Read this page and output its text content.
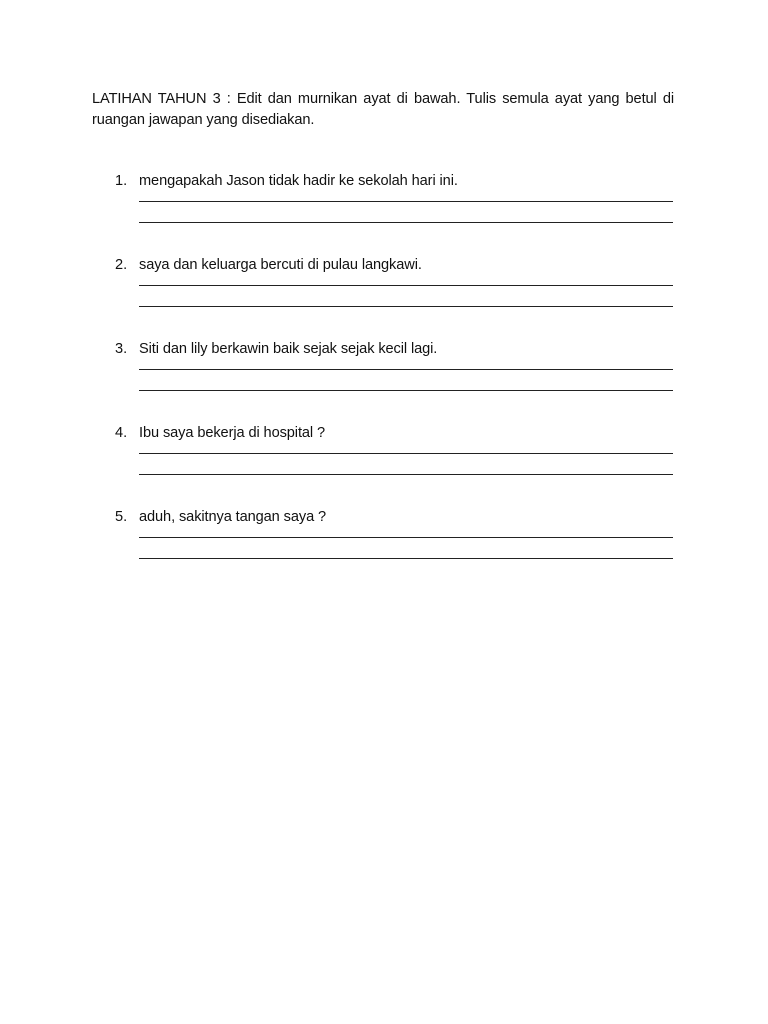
LATIHAN TAHUN 3 : Edit dan murnikan ayat di bawah. Tulis semula ayat yang betul di ruangan jawapan yang disediakan.
1. mengapakah Jason tidak hadir ke sekolah hari ini.
2. saya dan keluarga bercuti di pulau langkawi.
3. Siti dan lily berkawin baik sejak sejak kecil lagi.
4. Ibu saya bekerja di hospital ?
5. aduh, sakitnya tangan saya ?
